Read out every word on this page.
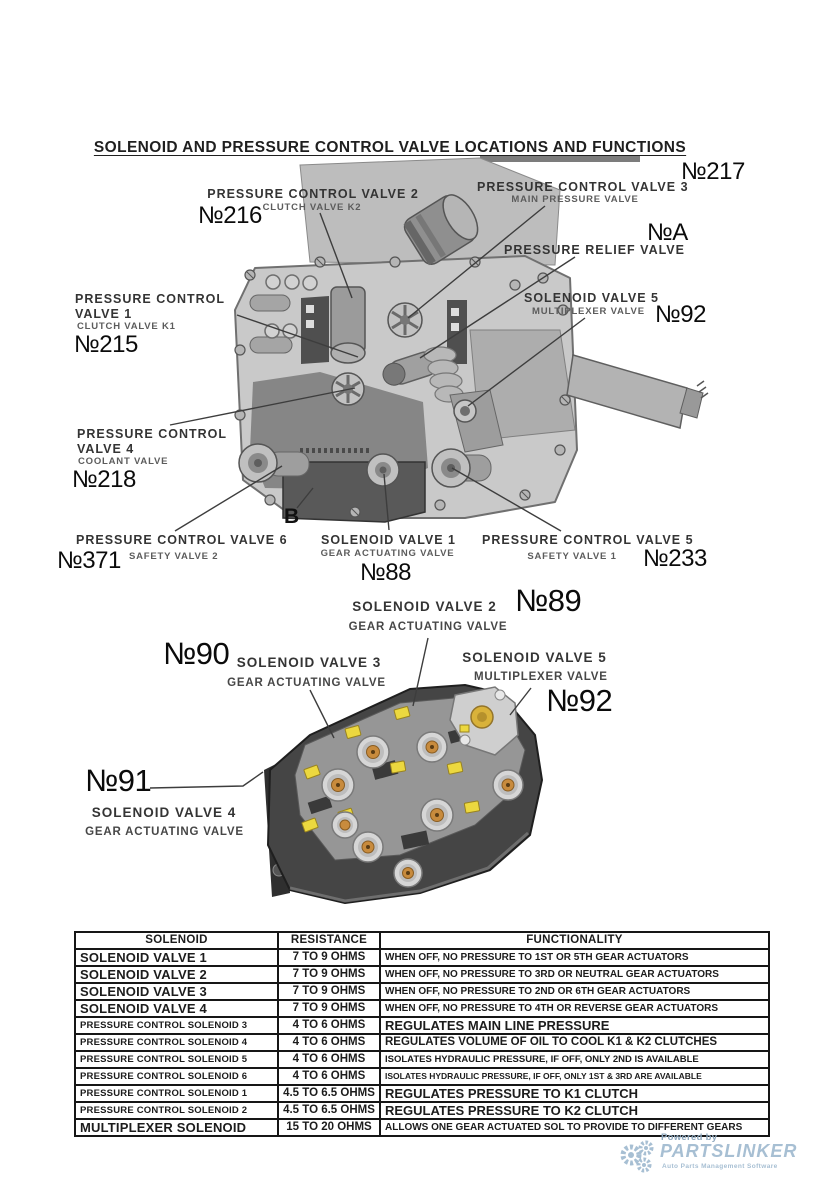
SOLENOID AND PRESSURE CONTROL VALVE LOCATIONS AND FUNCTIONS
PRESSURE CONTROL VALVE 2
CLUTCH VALVE K2
№216
PRESSURE CONTROL VALVE 3
MAIN PRESSURE VALVE
№217
PRESSURE RELIEF VALVE
№A
SOLENOID VALVE 5
MULTIPLEXER VALVE №92
PRESSURE CONTROL VALVE 1
CLUTCH VALVE K1
№215
PRESSURE CONTROL VALVE 4
COOLANT VALVE
№218
PRESSURE CONTROL VALVE 6
SAFETY VALVE 2
№371
SOLENOID VALVE 1
GEAR ACTUATING VALVE
№88
PRESSURE CONTROL VALVE 5
SAFETY VALVE 1 №233
B
SOLENOID VALVE 2
GEAR ACTUATING VALVE
№89
№90 SOLENOID VALVE 3
GEAR ACTUATING VALVE
SOLENOID VALVE 5
MULTIPLEXER VALVE
№92
№91
SOLENOID VALVE 4
GEAR ACTUATING VALVE
SOLENOID	RESISTANCE	FUNCTIONALITY
SOLENOID VALVE 1	7 TO 9 OHMS	WHEN OFF, NO PRESSURE TO 1ST OR 5TH GEAR ACTUATORS
SOLENOID VALVE 2	7 TO 9 OHMS	WHEN OFF, NO PRESSURE TO 3RD OR NEUTRAL GEAR ACTUATORS
SOLENOID VALVE 3	7 TO 9 OHMS	WHEN OFF, NO PRESSURE TO 2ND OR 6TH GEAR ACTUATORS
SOLENOID VALVE 4	7 TO 9 OHMS	WHEN OFF, NO PRESSURE TO 4TH OR REVERSE GEAR ACTUATORS
PRESSURE CONTROL SOLENOID 3	4 TO 6 OHMS	REGULATES MAIN LINE PRESSURE
PRESSURE CONTROL SOLENOID 4	4 TO 6 OHMS	REGULATES VOLUME OF OIL TO COOL K1 & K2 CLUTCHES
PRESSURE CONTROL SOLENOID 5	4 TO 6 OHMS	ISOLATES HYDRAULIC PRESSURE, IF OFF, ONLY 2ND IS AVAILABLE
PRESSURE CONTROL SOLENOID 6	4 TO 6 OHMS	ISOLATES HYDRAULIC PRESSURE, IF OFF, ONLY 1ST & 3RD ARE AVAILABLE
PRESSURE CONTROL SOLENOID 1	4.5 TO 6.5 OHMS	REGULATES PRESSURE TO K1 CLUTCH
PRESSURE CONTROL SOLENOID 2	4.5 TO 6.5 OHMS	REGULATES PRESSURE TO K2 CLUTCH
MULTIPLEXER SOLENOID	15 TO 20 OHMS	ALLOWS ONE GEAR ACTUATED SOL TO PROVIDE TO DIFFERENT GEARS
Powered by
PARTSLINKER
Auto Parts Management Software
